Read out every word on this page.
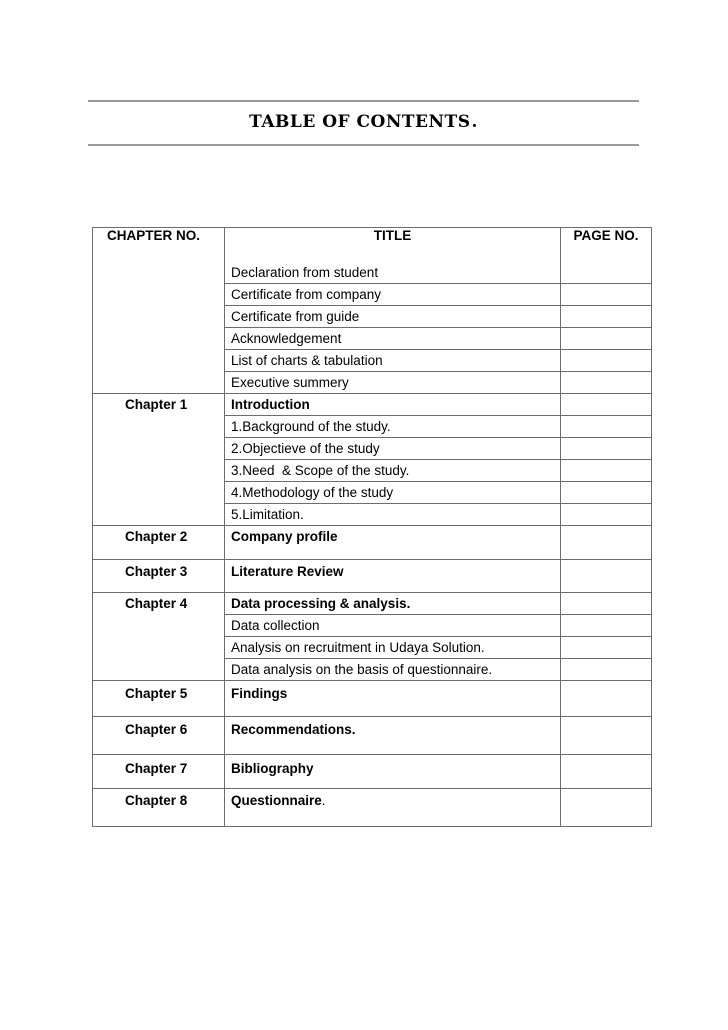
TABLE OF CONTENTS.
CHAPTER NO.	TITLE	PAGE NO.
	Declaration from student	
	Certificate from company	
	Certificate from guide	
	Acknowledgement	
	List of charts & tabulation	
	Executive summery	
Chapter 1	Introduction	
	1.Background of the study.	
	2.Objectieve of the study	
	3.Need  & Scope of the study.	
	4.Methodology of the study	
	5.Limitation.	
Chapter 2	Company profile	
Chapter 3	Literature Review	
Chapter 4	Data processing & analysis.	
	Data collection	
	Analysis on recruitment in Udaya Solution.	
	Data analysis on the basis of questionnaire.	
Chapter 5	Findings	
Chapter 6	Recommendations.	
Chapter 7	Bibliography	
Chapter 8	Questionnaire.	
